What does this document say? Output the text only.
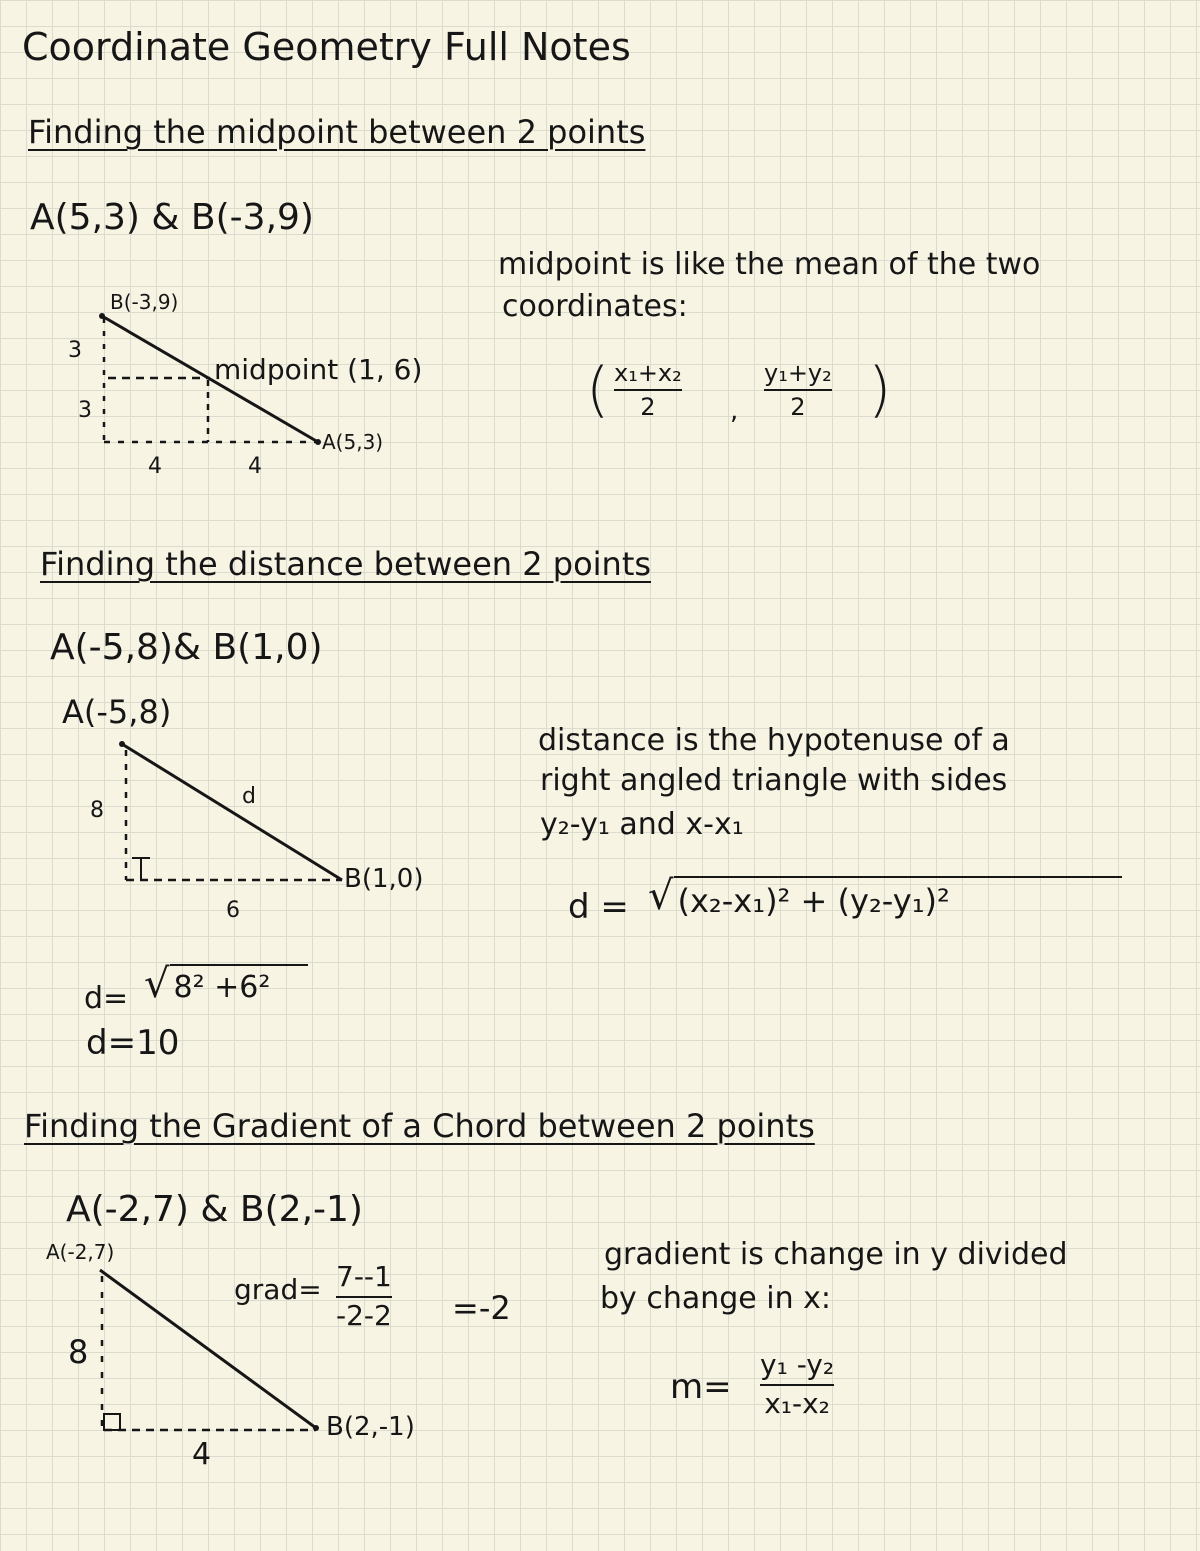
Coordinate Geometry Full Notes
Finding the midpoint between 2 points
A(5,3) & B(-3,9)
B(-3,9)
midpoint (1, 6)
A(5,3)
3
3
4	4
midpoint is like the mean of the two
coordinates:
( x₁+x₂
2	,
y₁+y₂
2 )
Finding the distance between 2 points
A(-5,8)& B(1,0)
A(-5,8)
8
d
6
B(1,0)
distance is the hypotenuse of a
right angled triangle with sides
y₂-y₁ and x-x₁
d = √ (x₂-x₁)² + (y₂-y₁)²
d= √ 8² +6²
d=10
Finding the Gradient of a Chord between 2 points
A(-2,7) & B(2,-1)
A(-2,7)
8
4
B(2,-1)
grad= 7--1
-2-2 =-2
gradient is change in y divided
by change in x:
m=
y₁ -y₂
x₁-x₂
